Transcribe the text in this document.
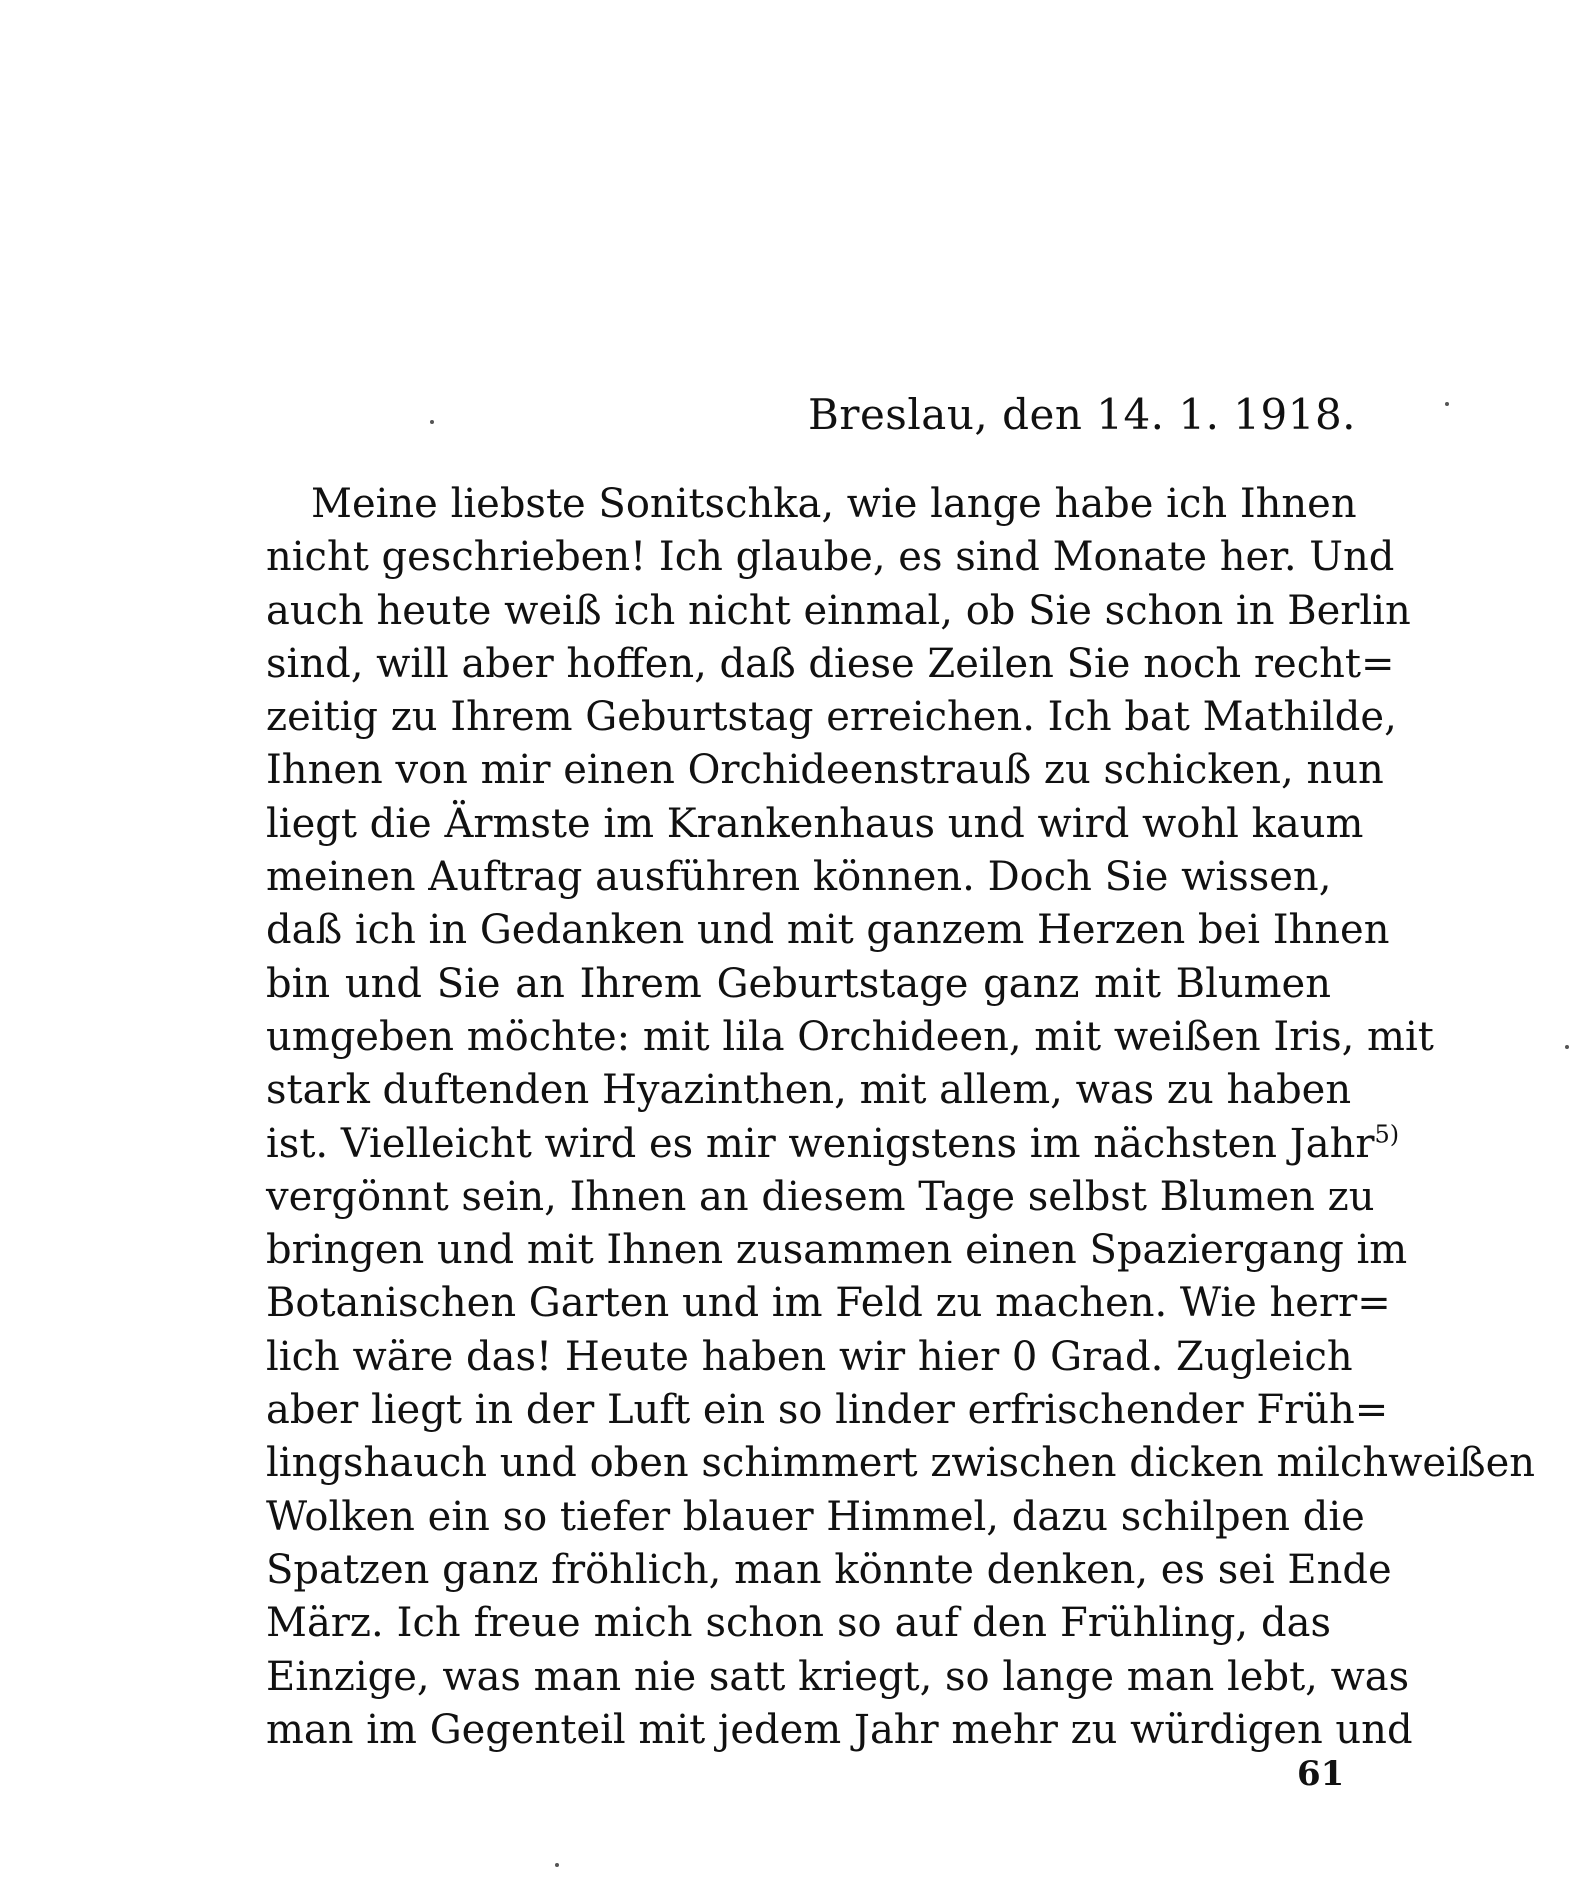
Breslau, den 14. 1. 1918.
Meine liebste Sonitschka, wie lange habe ich Ihnen
nicht geschrieben! Ich glaube, es sind Monate her. Und
auch heute weiß ich nicht einmal, ob Sie schon in Berlin
sind, will aber hoffen, daß diese Zeilen Sie noch recht=
zeitig zu Ihrem Geburtstag erreichen. Ich bat Mathilde,
Ihnen von mir einen Orchideenstrauß zu schicken, nun
liegt die Ärmste im Krankenhaus und wird wohl kaum
meinen Auftrag ausführen können. Doch Sie wissen,
daß ich in Gedanken und mit ganzem Herzen bei Ihnen
bin und Sie an Ihrem Geburtstage ganz mit Blumen
umgeben möchte: mit lila Orchideen, mit weißen Iris, mit
stark duftenden Hyazinthen, mit allem, was zu haben
ist. Vielleicht wird es mir wenigstens im nächsten Jahr$^{5)}$
vergönnt sein, Ihnen an diesem Tage selbst Blumen zu
bringen und mit Ihnen zusammen einen Spaziergang im
Botanischen Garten und im Feld zu machen. Wie herr=
lich wäre das! Heute haben wir hier 0 Grad. Zugleich
aber liegt in der Luft ein so linder erfrischender Früh=
lingshauch und oben schimmert zwischen dicken milchweißen
Wolken ein so tiefer blauer Himmel, dazu schilpen die
Spatzen ganz fröhlich, man könnte denken, es sei Ende
März. Ich freue mich schon so auf den Frühling, das
Einzige, was man nie satt kriegt, so lange man lebt, was
man im Gegenteil mit jedem Jahr mehr zu würdigen und
61
